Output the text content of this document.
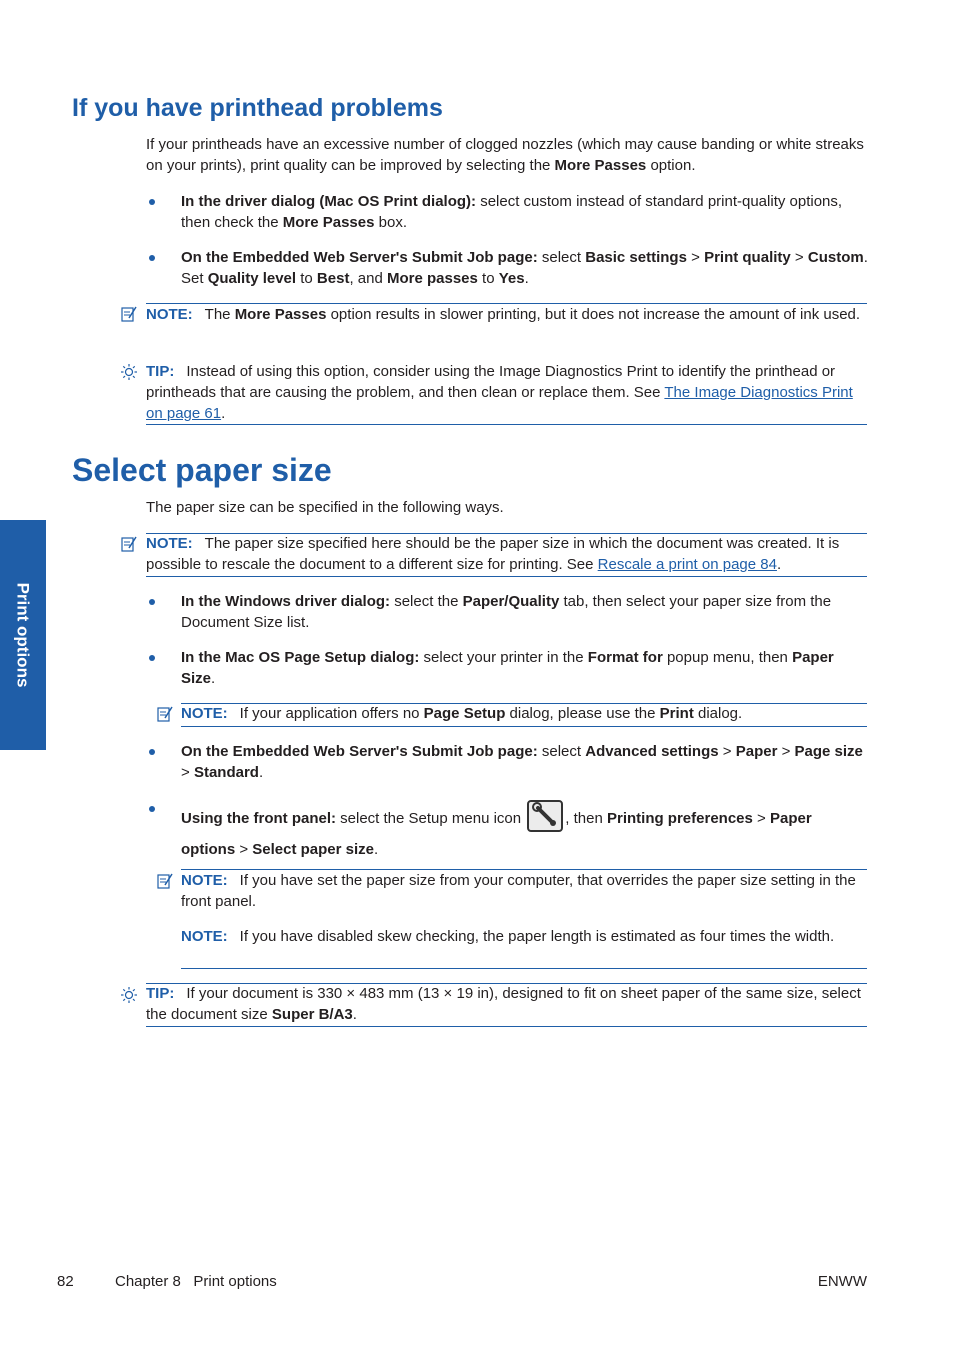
Print options
If you have printhead problems
If your printheads have an excessive number of clogged nozzles (which may cause banding or white streaks on your prints), print quality can be improved by selecting the More Passes option.
In the driver dialog (Mac OS Print dialog): select custom instead of standard print-quality options, then check the More Passes box.
On the Embedded Web Server's Submit Job page: select Basic settings > Print quality > Custom. Set Quality level to Best, and More passes to Yes.
NOTE: The More Passes option results in slower printing, but it does not increase the amount of ink used.
TIP: Instead of using this option, consider using the Image Diagnostics Print to identify the printhead or printheads that are causing the problem, and then clean or replace them. See The Image Diagnostics Print on page 61.
Select paper size
The paper size can be specified in the following ways.
NOTE: The paper size specified here should be the paper size in which the document was created. It is possible to rescale the document to a different size for printing. See Rescale a print on page 84.
In the Windows driver dialog: select the Paper/Quality tab, then select your paper size from the Document Size list.
In the Mac OS Page Setup dialog: select your printer in the Format for popup menu, then Paper Size.
NOTE: If your application offers no Page Setup dialog, please use the Print dialog.
On the Embedded Web Server's Submit Job page: select Advanced settings > Paper > Page size > Standard.
Using the front panel: select the Setup menu icon	, then Printing preferences > Paper options > Select paper size.
NOTE: If you have set the paper size from your computer, that overrides the paper size setting in the front panel.
NOTE: If you have disabled skew checking, the paper length is estimated as four times the width.
TIP: If your document is 330 × 483 mm (13 × 19 in), designed to fit on sheet paper of the same size, select the document size Super B/A3.
82	Chapter 8   Print options	ENWW
